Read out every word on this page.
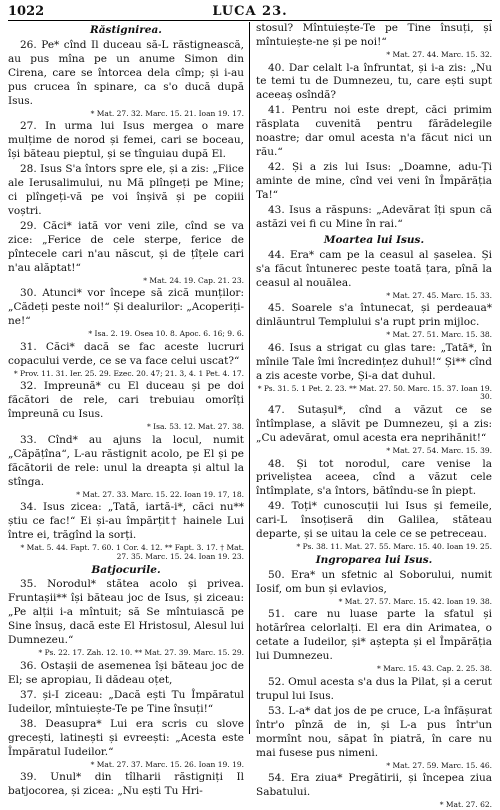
1022	LUCA 23.
Răstignirea.
26. Pe* cînd Il duceau să-L răstignească, au pus mîna pe un anume Simon din Cirena, care se întorcea dela cîmp; și i-au pus crucea în spinare, ca s'o ducă după Isus.
* Mat. 27. 32. Marc. 15. 21. Ioan 19. 17.
27. In urma lui Isus mergea o mare mulțime de norod și femei, cari se boceau, își băteau pieptul, și se tînguiau după El.
28. Isus S'a întors spre ele, și a zis: „Fiice ale Ierusalimului, nu Mă plîngeți pe Mine; ci plîngeți-vă pe voi înșivă și pe copiii voștri.
29. Căci* iată vor veni zile, cînd se va zice: „Ferice de cele sterpe, ferice de pîntecele cari n'au născut, și de țîțele cari n'au alăptat!“
* Mat. 24. 19. Cap. 21. 23.
30. Atunci* vor începe să zică munților: „Cădeți peste noi!“ Și dealurilor: „Acoperiți-ne!“
* Isa. 2. 19. Osea 10. 8. Apoc. 6. 16; 9. 6.
31. Căci* dacă se fac aceste lucruri copacului verde, ce se va face celui uscat?“
* Prov. 11. 31. Ier. 25. 29. Ezec. 20. 47; 21. 3, 4. 1 Pet. 4. 17.
32. Impreună* cu El duceau și pe doi făcători de rele, cari trebuiau omorîți împreună cu Isus.
* Isa. 53. 12. Mat. 27. 38.
33. Cînd* au ajuns la locul, numit „Căpățîna“, L-au răstignit acolo, pe El și pe făcătorii de rele: unul la dreapta și altul la stînga.
* Mat. 27. 33. Marc. 15. 22. Ioan 19. 17, 18.
34. Isus zicea: „Tată, iartă-i*, căci nu** știu ce fac!“ Ei și-au împărțit† hainele Lui între ei, trăgînd la sorți.
* Mat. 5. 44. Fapt. 7. 60. 1 Cor. 4. 12. ** Fapt. 3. 17. † Mat. 27. 35. Marc. 15. 24. Ioan 19. 23.
Batjocurile.
35. Norodul* stătea acolo și privea. Fruntașii** își băteau joc de Isus, și ziceau: „Pe alții i-a mîntuit; să Se mîntuiască pe Sine însuș, dacă este El Hristosul, Alesul lui Dumnezeu.“
* Ps. 22. 17. Zah. 12. 10. ** Mat. 27. 39. Marc. 15. 29.
36. Ostașii de asemenea își băteau joc de El; se apropiau, Ii dădeau oțet,
37. și-I ziceau: „Dacă ești Tu Împăratul Iudeilor, mîntuiește-Te pe Tine însuți!“
38. Deasupra* Lui era scris cu slove grecești, latinești și evreești: „Acesta este Împăratul Iudeilor.“
* Mat. 27. 37. Marc. 15. 26. Ioan 19. 19.
39. Unul* din tîlharii răstigniți Il batjocorea, și zicea: „Nu ești Tu Hri-
stosul? Mîntuiește-Te pe Tine însuți, și mîntuiește-ne și pe noi!“
* Mat. 27. 44. Marc. 15. 32.
40. Dar celalt l-a înfruntat, și i-a zis: „Nu te temi tu de Dumnezeu, tu, care ești supt aceeaș osîndă?
41. Pentru noi este drept, căci primim răsplata cuvenită pentru fărădelegile noastre; dar omul acesta n'a făcut nici un rău.“
42. Și a zis lui Isus: „Doamne, adu-Ți aminte de mine, cînd vei veni în Împărăția Ta!“
43. Isus a răspuns: „Adevărat îți spun că astăzi vei fi cu Mine în rai.“
Moartea lui Isus.
44. Era* cam pe la ceasul al șaselea. Și s'a făcut întunerec peste toată țara, pînă la ceasul al nouălea.
* Mat. 27. 45. Marc. 15. 33.
45. Soarele s'a întunecat, și perdeaua* dinlăuntrul Templului s'a rupt prin mijloc.
* Mat. 27. 51. Marc. 15. 38.
46. Isus a strigat cu glas tare: „Tată*, în mînile Tale îmi încredințez duhul!“ Și** cînd a zis aceste vorbe, Și-a dat duhul.
* Ps. 31. 5. 1 Pet. 2. 23. ** Mat. 27. 50. Marc. 15. 37. Ioan 19. 30.
47. Sutașul*, cînd a văzut ce se întîmplase, a slăvit pe Dumnezeu, și a zis: „Cu adevărat, omul acesta era neprihănit!“
* Mat. 27. 54. Marc. 15. 39.
48. Și tot norodul, care venise la priveliștea aceea, cînd a văzut cele întîmplate, s'a întors, bătîndu-se în piept.
49. Toți* cunoscuții lui Isus și femeile, cari-L însoțiseră din Galilea, stăteau departe, și se uitau la cele ce se petreceau.
* Ps. 38. 11. Mat. 27. 55. Marc. 15. 40. Ioan 19. 25.
Ingroparea lui Isus.
50. Era* un sfetnic al Soborului, numit Iosif, om bun și evlavios,
* Mat. 27. 57. Marc. 15. 42. Ioan 19. 38.
51. care nu luase parte la sfatul și hotărîrea celorlalți. El era din Arimatea, o cetate a Iudeilor, și* aștepta și el Împărăția lui Dumnezeu.
* Marc. 15. 43. Cap. 2. 25. 38.
52. Omul acesta s'a dus la Pilat, și a cerut trupul lui Isus.
53. L-a* dat jos de pe cruce, L-a înfășurat într'o pînză de in, și L-a pus într'un mormînt nou, săpat în piatră, în care nu mai fusese pus nimeni.
* Mat. 27. 59. Marc. 15. 46.
54. Era ziua* Pregătirii, și începea ziua Sabatului.
* Mat. 27. 62.
